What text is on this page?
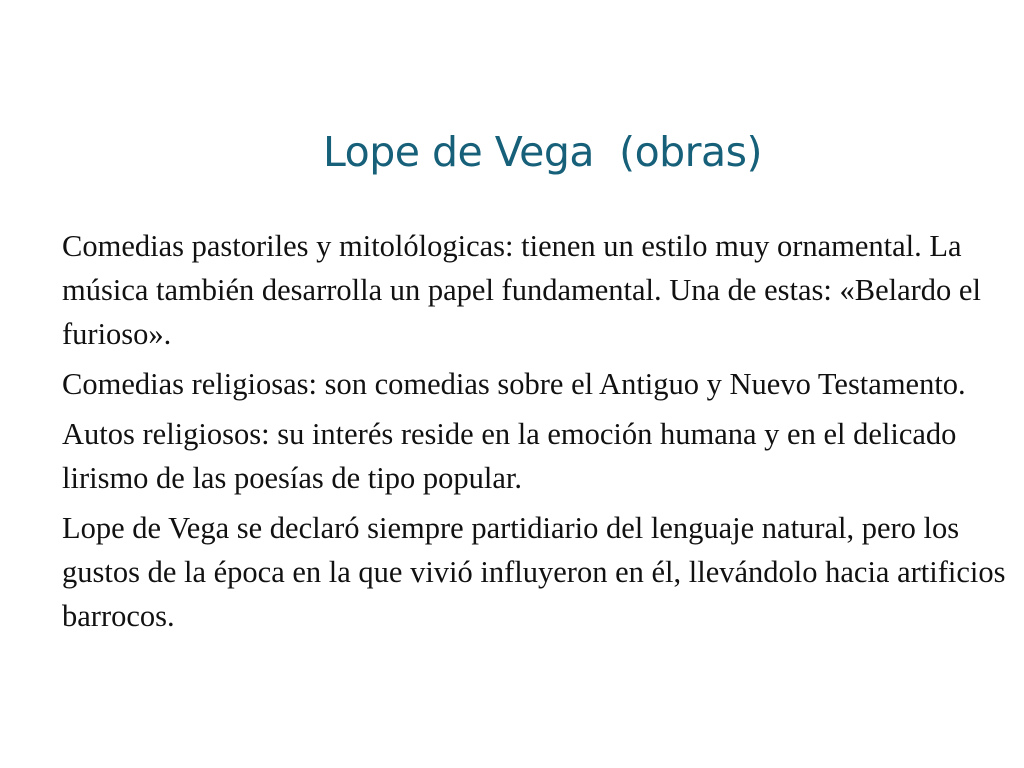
Lope de Vega  (obras)
Comedias pastoriles y mitolólogicas: tienen un estilo muy ornamental. La música también desarrolla un papel fundamental. Una de estas: «Belardo el furioso».
Comedias religiosas: son comedias sobre el Antiguo y Nuevo Testamento.
Autos religiosos: su interés reside en la emoción humana y en el delicado lirismo de las poesías de tipo popular.
Lope de Vega se declaró siempre partidiario del lenguaje natural, pero los gustos de la época en la que vivió influyeron en él, llevándolo hacia artificios barrocos.
